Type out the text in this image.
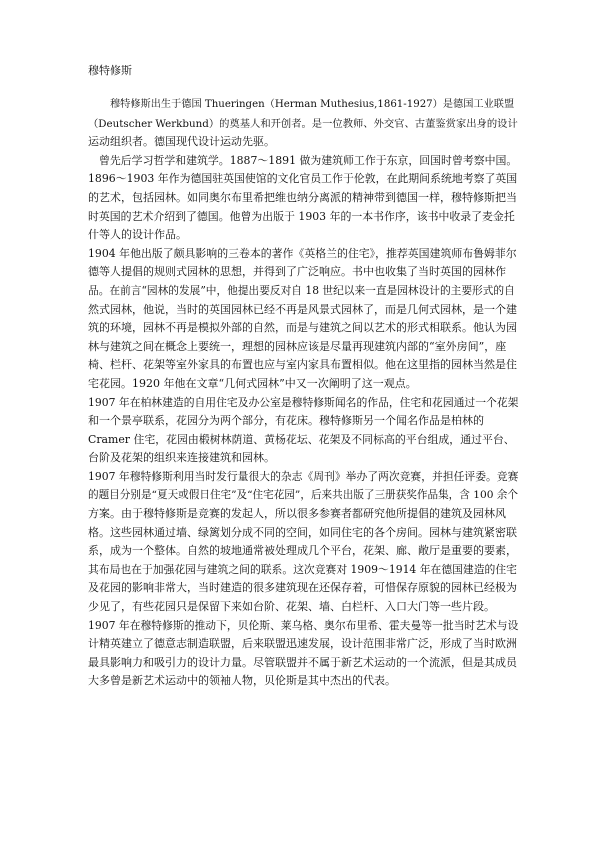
穆特修斯
穆特修斯出生于德国 Thueringen（Herman Muthesius,1861-1927）是德国工业联盟
（Deutscher Werkbund）的奠基人和开创者。是一位教师、外交官、古董鉴赏家出身的设计
运动组织者。德国现代设计运动先驱。
曾先后学习哲学和建筑学。1887～1891 做为建筑师工作于东京，回国时曾考察中国。
1896～1903 年作为德国驻英国使馆的文化官员工作于伦敦，在此期间系统地考察了英国
的艺术，包括园林。如同奥尔布里希把维也纳分离派的精神带到德国一样，穆特修斯把当
时英国的艺术介绍到了德国。他曾为出版于 1903 年的一本书作序，该书中收录了麦金托
什等人的设计作品。
1904 年他出版了颇具影响的三卷本的著作《英格兰的住宅》，推荐英国建筑师布鲁姆菲尔
德等人提倡的规则式园林的思想，并得到了广泛响应。书中也收集了当时英国的园林作
品。在前言“园林的发展”中，他提出要反对自 18 世纪以来一直是园林设计的主要形式的自
然式园林，他说，当时的英国园林已经不再是风景式园林了，而是几何式园林，是一个建
筑的环境，园林不再是模拟外部的自然，而是与建筑之间以艺术的形式相联系。他认为园
林与建筑之间在概念上要统一，理想的园林应该是尽量再现建筑内部的“室外房间”，座
椅、栏杆、花架等室外家具的布置也应与室内家具布置相似。他在这里指的园林当然是住
宅花园。1920 年他在文章“几何式园林”中又一次阐明了这一观点。
1907 年在柏林建造的自用住宅及办公室是穆特修斯闻名的作品，住宅和花园通过一个花架
和一个景亭联系，花园分为两个部分，有花床。穆特修斯另一个闻名作品是柏林的
Cramer 住宅，花园由椴树林荫道、黄杨花坛、花架及不同标高的平台组成，通过平台、
台阶及花架的组织来连接建筑和园林。
1907 年穆特修斯利用当时发行量很大的杂志《周刊》举办了两次竞赛，并担任评委。竞赛
的题目分别是“夏天或假日住宅”及“住宅花园”，后来共出版了三册获奖作品集，含 100 余个
方案。由于穆特修斯是竞赛的发起人，所以很多参赛者都研究他所提倡的建筑及园林风
格。这些园林通过墙、绿篱划分成不同的空间，如同住宅的各个房间。园林与建筑紧密联
系，成为一个整体。自然的坡地通常被处理成几个平台，花架、廊、敞厅是重要的要素，
其布局也在于加强花园与建筑之间的联系。这次竞赛对 1909～1914 年在德国建造的住宅
及花园的影响非常大，当时建造的很多建筑现在还保存着，可惜保存原貌的园林已经极为
少见了，有些花园只是保留下来如台阶、花架、墙、白栏杆、入口大门等一些片段。
1907 年在穆特修斯的推动下，贝伦斯、莱乌格、奥尔布里希、霍夫曼等一批当时艺术与设
计精英建立了德意志制造联盟，后来联盟迅速发展，设计范围非常广泛，形成了当时欧洲
最具影响力和吸引力的设计力量。尽管联盟并不属于新艺术运动的一个流派，但是其成员
大多曾是新艺术运动中的领袖人物，贝伦斯是其中杰出的代表。
